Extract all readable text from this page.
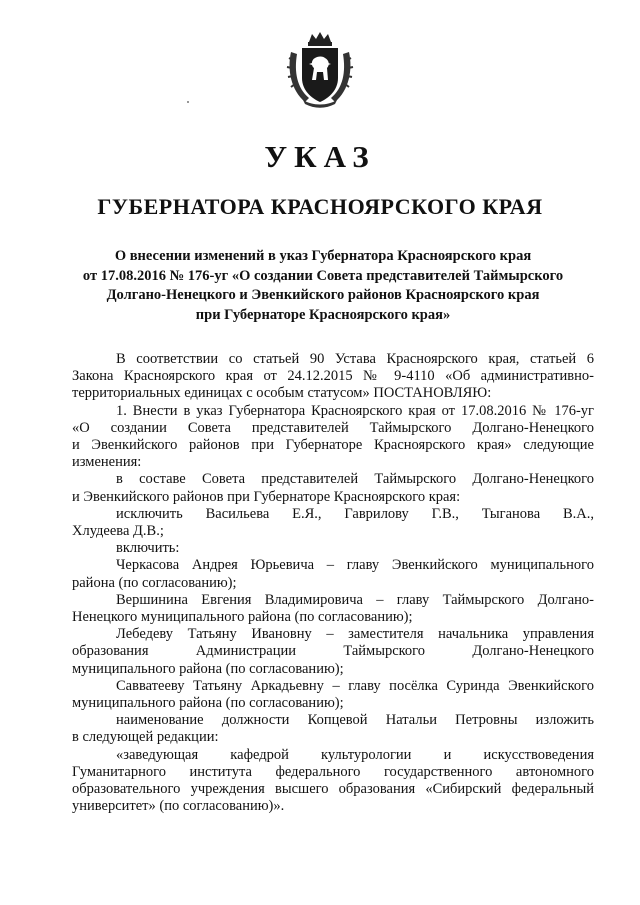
УКАЗ
ГУБЕРНАТОРА КРАСНОЯРСКОГО КРАЯ
О внесении изменений в указ Губернатора Красноярского края
от 17.08.2016 № 176-уг «О создании Совета представителей Таймырского
Долгано-Ненецкого и Эвенкийского районов Красноярского края
при Губернаторе Красноярского края»

В соответствии со статьей 90 Устава Красноярского края, статьей 6

Закона Красноярского края от 24.12.2015 № 9-4110 «Об административно-

территориальных единицах с особым статусом» ПОСТАНОВЛЯЮ:

1. Внести в указ Губернатора Красноярского края от 17.08.2016 № 176-уг

«О создании Совета представителей Таймырского Долгано-Ненецкого

и Эвенкийского районов при Губернаторе Красноярского края» следующие

изменения:

в составе Совета представителей Таймырского Долгано-Ненецкого

и Эвенкийского районов при Губернаторе Красноярского края:

исключить Васильева Е.Я., Гаврилову Г.В., Тыганова В.А.,

Хлудеева Д.В.;

включить:

Черкасова Андрея Юрьевича – главу Эвенкийского муниципального

района (по согласованию);

Вершинина Евгения Владимировича – главу Таймырского Долгано-

Ненецкого муниципального района (по согласованию);

Лебедеву Татьяну Ивановну – заместителя начальника управления

образования Администрации Таймырского Долгано-Ненецкого

муниципального района (по согласованию);

Савватееву Татьяну Аркадьевну – главу посёлка Суринда Эвенкийского

муниципального района (по согласованию);

наименование должности Копцевой Натальи Петровны изложить

в следующей редакции:

«заведующая кафедрой культурологии и искусствоведения

Гуманитарного института федерального государственного автономного

образовательного учреждения высшего образования «Сибирский федеральный

университет» (по согласованию)».
